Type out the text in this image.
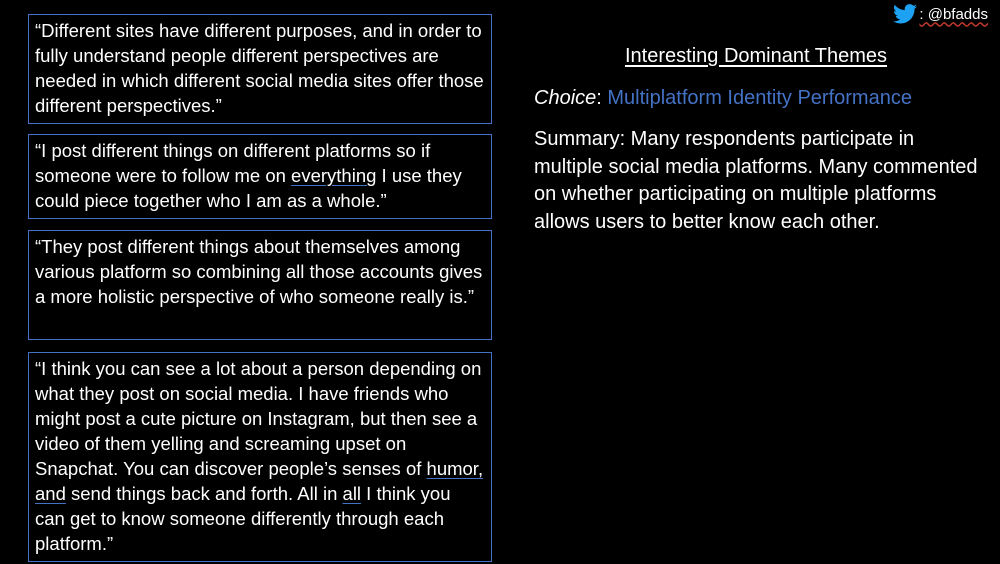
“Different sites have different purposes, and in order to fully understand people different perspectives are needed in which different social media sites offer those different perspectives.”
“I post different things on different platforms so if someone were to follow me on everything I use they could piece together who I am as a whole.”
“They post different things about themselves among various platform so combining all those accounts gives a more holistic perspective of who someone really is.”
“I think you can see a lot about a person depending on what they post on social media. I have friends who might post a cute picture on Instagram, but then see a video of them yelling and screaming upset on Snapchat. You can discover people’s senses of humor, and send things back and forth. All in all I think you can get to know someone differently through each platform.”
: @bfadds
Interesting Dominant Themes
Choice: Multiplatform Identity Performance
Summary: Many respondents participate in multiple social media platforms. Many commented on whether participating on multiple platforms allows users to better know each other.
